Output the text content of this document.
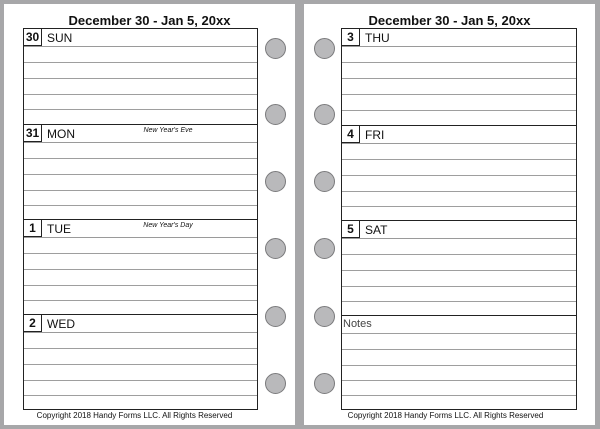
December 30 - Jan 5, 20xx
30 SUN
31 MON	New Year's Eve
1 TUE	New Year's Day
2 WED
Copyright 2018 Handy Forms LLC. All Rights Reserved
December 30 - Jan 5, 20xx
3 THU
4 FRI
5 SAT
Notes
Copyright 2018 Handy Forms LLC. All Rights Reserved
